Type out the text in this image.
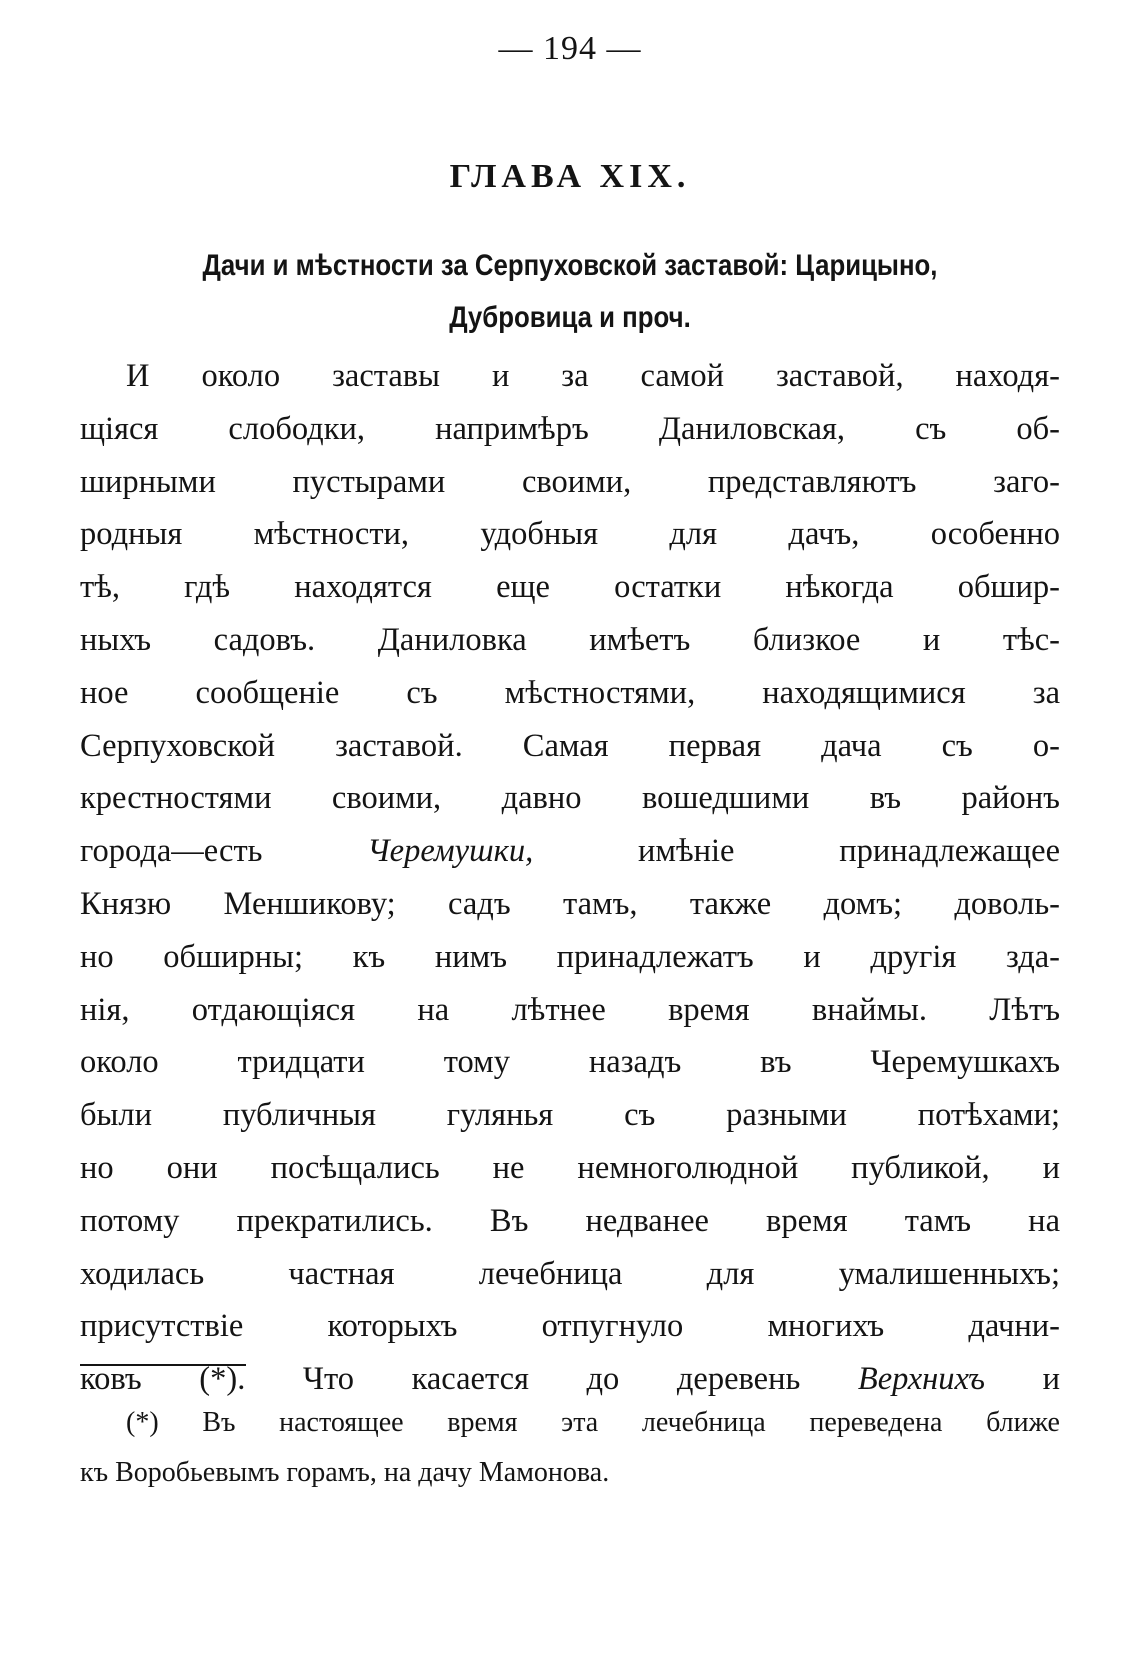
— 194 —
ГЛАВА XIX.
Дачи и мѣстности за Серпуховской заставой: Царицыно,
Дубровица и проч.
И около заставы и за самой заставой, находя-
щiяся слободки, напримѣръ Даниловская, съ об-
ширными пустырами своими, представляютъ заго-
родныя мѣстности, удобныя для дачъ, особенно
тѣ, гдѣ находятся еще остатки нѣкогда обшир-
ныхъ садовъ. Даниловка имѣетъ близкое и тѣс-
ное сообщенiе съ мѣстностями, находящимися за
Серпуховской заставой. Самая первая дача съ о-
крестностями своими, давно вошедшими въ районъ
города—есть Черемушки, имѣнiе принадлежащее
Князю Меншикову; садъ тамъ, также домъ; доволь-
но обширны; къ нимъ принадлежатъ и другiя зда-
нiя, отдающiяся на лѣтнее время внаймы. Лѣтъ
около тридцати тому назадъ въ Черемушкахъ
были публичныя гулянья съ разными потѣхами;
но они посѣщались не немноголюдной публикой, и
потому прекратились. Въ недванее время тамъ на
ходилась частная лечебница для умалишенныхъ;
присутствiе которыхъ отпугнуло многихъ дачни-
ковъ (*). Что касается до деревень Верхнихъ и
(*) Въ настоящее время эта лечебница переведена ближе
къ Воробьевымъ горамъ, на дачу Мамонова.
